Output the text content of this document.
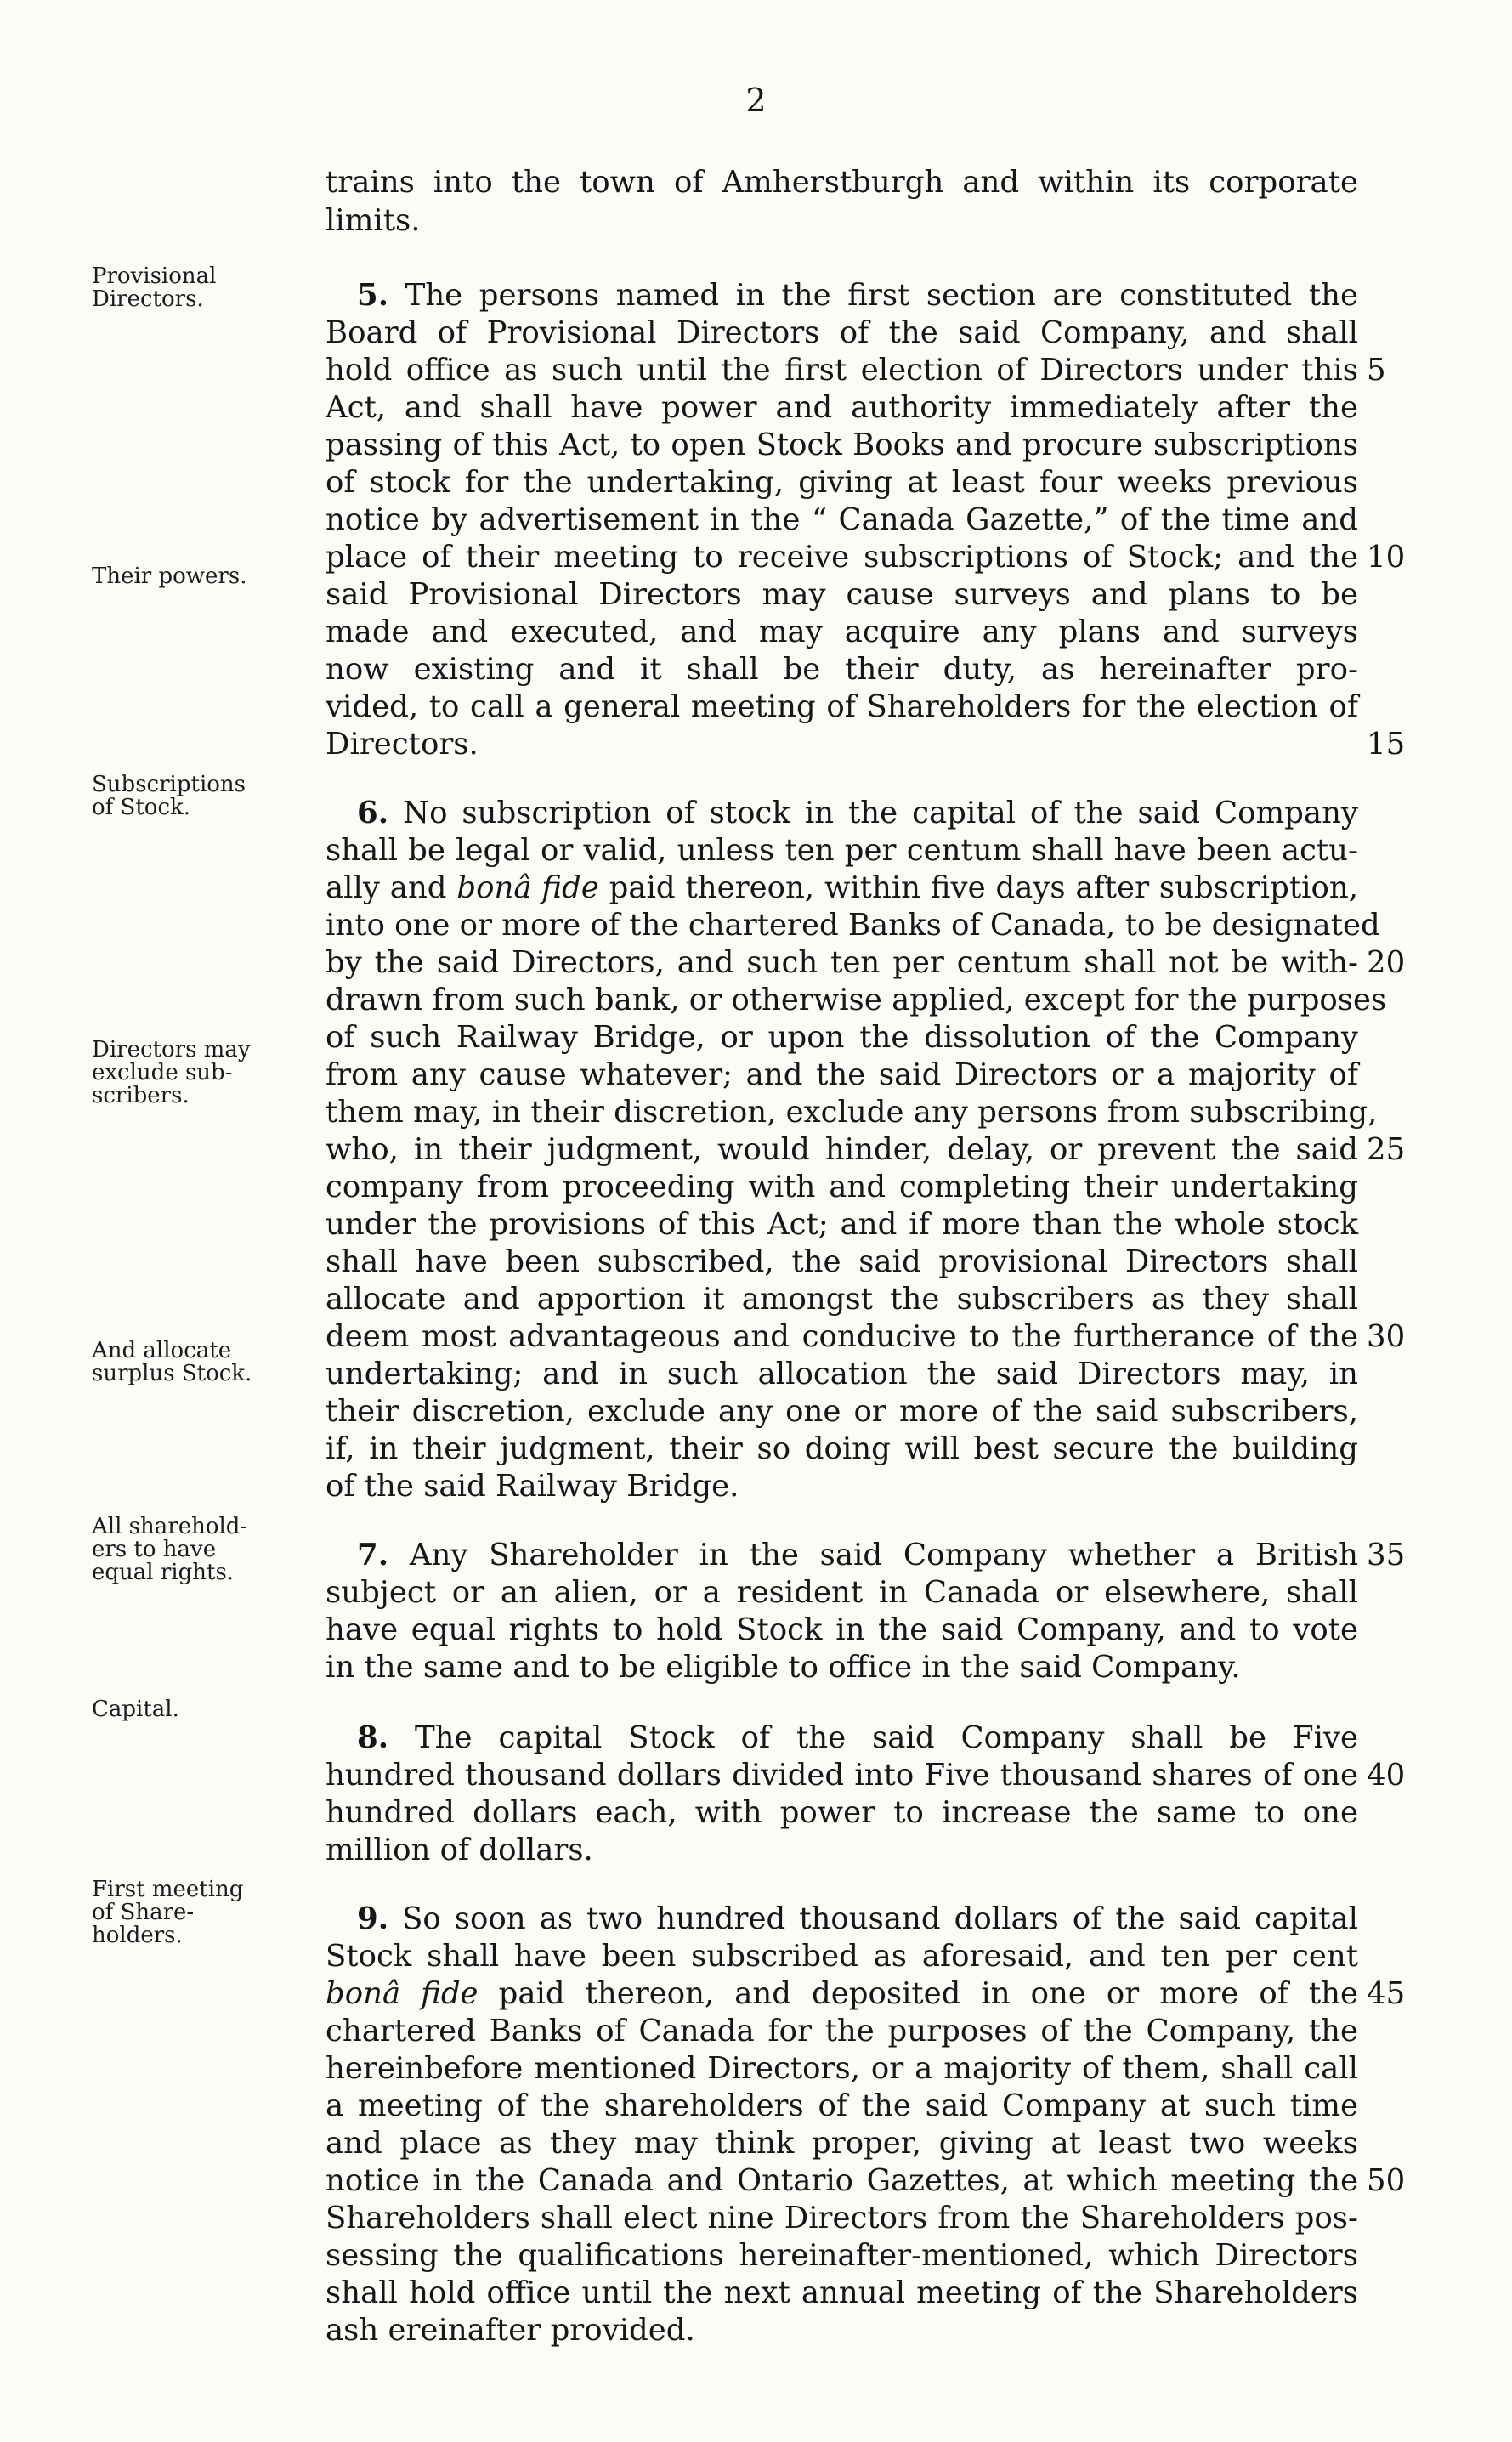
2
Provisional
Directors.
Their powers.
Subscriptions
of Stock.
Directors may
exclude sub-
scribers.
And allocate
surplus Stock.
All sharehold-
ers to have
equal rights.
Capital.
First meeting
of Share-
holders.
trains into the town of Amherstburgh and within its corporate
limits.
5. The persons named in the first section are constituted the
Board of Provisional Directors of the said Company, and shall
hold office as such until the first election of Directors under this 5
Act, and shall have power and authority immediately after the
passing of this Act, to open Stock Books and procure subscriptions
of stock for the undertaking, giving at least four weeks previous
notice by advertisement in the “ Canada Gazette,” of the time and
place of their meeting to receive subscriptions of Stock; and the 10
said Provisional Directors may cause surveys and plans to be
made and executed, and may acquire any plans and surveys
now existing and it shall be their duty, as hereinafter pro-
vided, to call a general meeting of Shareholders for the election of
Directors.	15
6. No subscription of stock in the capital of the said Company
shall be legal or valid, unless ten per centum shall have been actu-
ally and bonâ fide paid thereon, within five days after subscription,
into one or more of the chartered Banks of Canada, to be designated
by the said Directors, and such ten per centum shall not be with- 20
drawn from such bank, or otherwise applied, except for the purposes
of such Railway Bridge, or upon the dissolution of the Company
from any cause whatever; and the said Directors or a majority of
them may, in their discretion, exclude any persons from subscribing,
who, in their judgment, would hinder, delay, or prevent the said 25
company from proceeding with and completing their undertaking
under the provisions of this Act; and if more than the whole stock
shall have been subscribed, the said provisional Directors shall
allocate and apportion it amongst the subscribers as they shall
deem most advantageous and conducive to the furtherance of the 30
undertaking; and in such allocation the said Directors may, in
their discretion, exclude any one or more of the said subscribers,
if, in their judgment, their so doing will best secure the building
of the said Railway Bridge.
7. Any Shareholder in the said Company whether a British 35
subject or an alien, or a resident in Canada or elsewhere, shall
have equal rights to hold Stock in the said Company, and to vote
in the same and to be eligible to office in the said Company.
8. The capital Stock of the said Company shall be Five
hundred thousand dollars divided into Five thousand shares of one 40
hundred dollars each, with power to increase the same to one
million of dollars.
9. So soon as two hundred thousand dollars of the said capital
Stock shall have been subscribed as aforesaid, and ten per cent
bonâ fide paid thereon, and deposited in one or more of the 45
chartered Banks of Canada for the purposes of the Company, the
hereinbefore mentioned Directors, or a majority of them, shall call
a meeting of the shareholders of the said Company at such time
and place as they may think proper, giving at least two weeks
notice in the Canada and Ontario Gazettes, at which meeting the 50
Shareholders shall elect nine Directors from the Shareholders pos-
sessing the qualifications hereinafter-mentioned, which Directors
shall hold office until the next annual meeting of the Shareholders
ash ereinafter provided.
